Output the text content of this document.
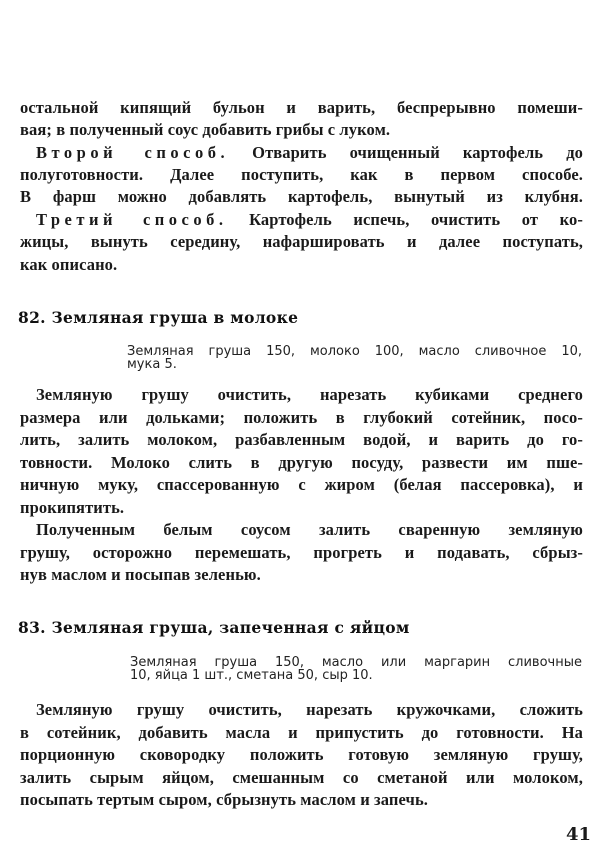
остальной кипящий бульон и варить, беспрерывно помеши-
вая; в полученный соус добавить грибы с луком.
Второй способ. Отварить очищенный картофель до
полуготовности. Далее поступить, как в первом способе.
В фарш можно добавлять картофель, вынутый из клубня.
Третий способ. Картофель испечь, очистить от ко-
жицы, вынуть середину, нафаршировать и далее поступать,
как описано.
82. Земляная груша в молоке
Земляная груша 150, молоко 100, масло сливочное 10,
мука 5.
Земляную грушу очистить, нарезать кубиками среднего
размера или дольками; положить в глубокий сотейник, посо-
лить, залить молоком, разбавленным водой, и варить до го-
товности. Молоко слить в другую посуду, развести им пше-
ничную муку, спассерованную с жиром (белая пассеровка), и
прокипятить.
Полученным белым соусом залить сваренную земляную
грушу, осторожно перемешать, прогреть и подавать, сбрыз-
нув маслом и посыпав зеленью.
83. Земляная груша, запеченная с яйцом
Земляная груша 150, масло или маргарин сливочные
10, яйца 1 шт., сметана 50, сыр 10.
Земляную грушу очистить, нарезать кружочками, сложить
в сотейник, добавить масла и припустить до готовности. На
порционную сковородку положить готовую земляную грушу,
залить сырым яйцом, смешанным со сметаной или молоком,
посыпать тертым сыром, сбрызнуть маслом и запечь.
41
